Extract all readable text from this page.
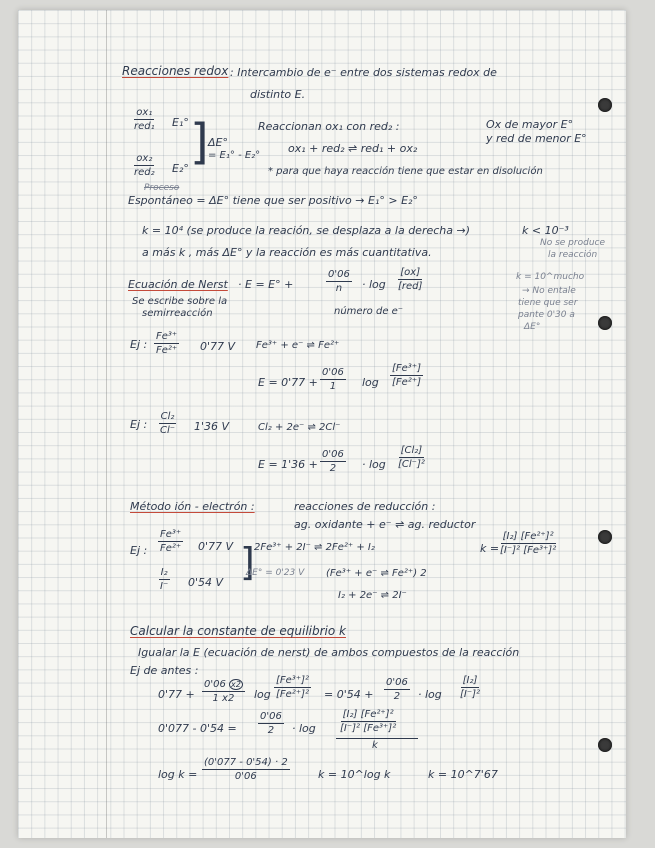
Reacciones redox : Intercambio de e⁻ entre dos sistemas redox de
distinto E.
ox₁
red₁ E₁°
ox₂
red₂ E₂° ] ΔE°
= E₁° - E₂°
Reaccionan ox₁ con red₂ :
ox₁ + red₂ ⇌ red₁ + ox₂
* para que haya reacción tiene que estar en disolución
Ox de mayor E°
y red de menor E°
Proceso
Espontáneo = ΔE° tiene que ser positivo → E₁° > E₂°
k = 10⁴ (se produce la reación, se desplaza a la derecha →)	k < 10⁻³
No se produce
la reacción
a más k , más ΔE° y la reacción es más cuantitativa.
Ecuación de Nerst · E = E° +	$\frac{0'06}{n} \cdot \log$
[ox]
[red]
número de e⁻
Se escribe sobre la
semirreacción
k = 10^mucho
→ No entale
tiene que ser
pante 0'30 a
ΔE°
Ej : $\frac{\text{Fe³⁺}}{\text{Fe²⁺}} 0'77$ V Fe³⁺ + e⁻ ⇌ Fe²⁺
$E = 0'77 + \frac{0'06}{1}$ $\log \frac{\text{[Fe³⁺]}}{\text{[Fe²⁺]}}$
Ej : $\frac{\text{Cl₂}}{Cl^-} 1'36$ V	Cl₂ + 2e⁻ ⇌ 2Cl⁻
$E = 1'36 + \frac{0'06}{2} \cdot \log \frac{\text{[Cl₂]}}{\text{[Cl⁻]²}}$
Método ión - electrón :	reacciones de reducción :
ag. oxidante + e⁻ ⇌ ag. reductor
Ej : $\frac{\text{Fe³⁺}}{\text{Fe²⁺}} 0'77$ V
$\frac{\text{I₂}}{I^-} 0'54$ V ] 2Fe³⁺ + 2I⁻ ⇌ 2Fe²⁺ + I₂
ΔE° = 0'23 V (Fe³⁺ + e⁻ ⇌ Fe²⁺) 2
I₂ + 2e⁻ ⇌ 2I⁻
k =
$\frac{\text{[I₂] [Fe²⁺]²}}{\text{[I⁻]² [Fe³⁺]²}}$
Calcular la constante de equilibrio k
Igualar la E (ecuación de nerst) de ambos compuestos de la reacción
Ej de antes :
$0'77 + \frac{0'06 x2}{1 x2}$ $\log \frac{\text{[Fe³⁺]²}}{\text{[Fe²⁺]²}} = 0'54 + \frac{0'06}{2} \cdot \log \frac{\text{[I₂]}}{\text{[I⁻]²}}$
$0'077 - 0'54 = \frac{0'06}{2} \cdot \log \frac{\text{[I₂] [Fe²⁺]²}}{\text{[I⁻]² [Fe³⁺]²}}$
k
$\log k = \frac{(0'077 - 0'54) \cdot 2}{0'06}$	k = 10^log k	k = 10^7'67
